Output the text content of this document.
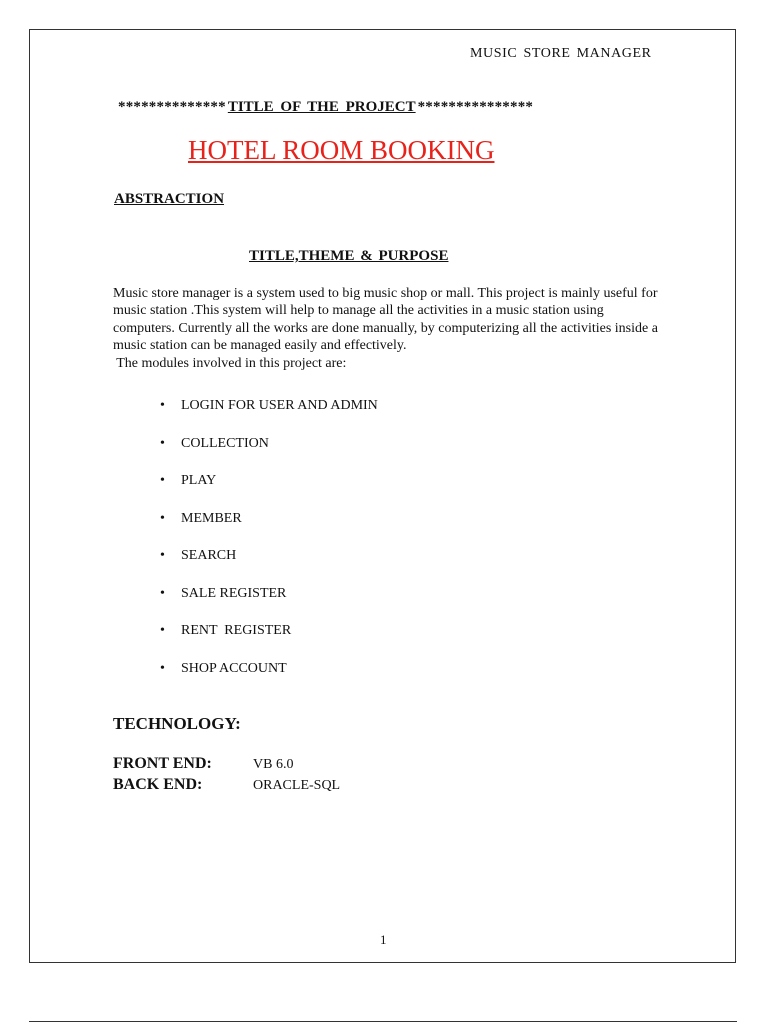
MUSIC STORE MANAGER
************** TITLE OF THE PROJECT ***************
HOTEL ROOM BOOKING
ABSTRACTION
TITLE,THEME & PURPOSE

Music store manager is a system used to big music shop or mall. This project is mainly useful for music station .This system will help to manage all the activities in a music station using computers. Currently all the works are done manually, by computerizing all the activities inside a music station can be managed easily and effectively.

The modules involved in this project are:

•	LOGIN FOR USER AND ADMIN
•	COLLECTION
•	PLAY
•	MEMBER
•	SEARCH
•	SALE REGISTER
•	RENT  REGISTER
•	SHOP ACCOUNT
TECHNOLOGY:
FRONT END:	VB 6.0
BACK END:	ORACLE-SQL
1
